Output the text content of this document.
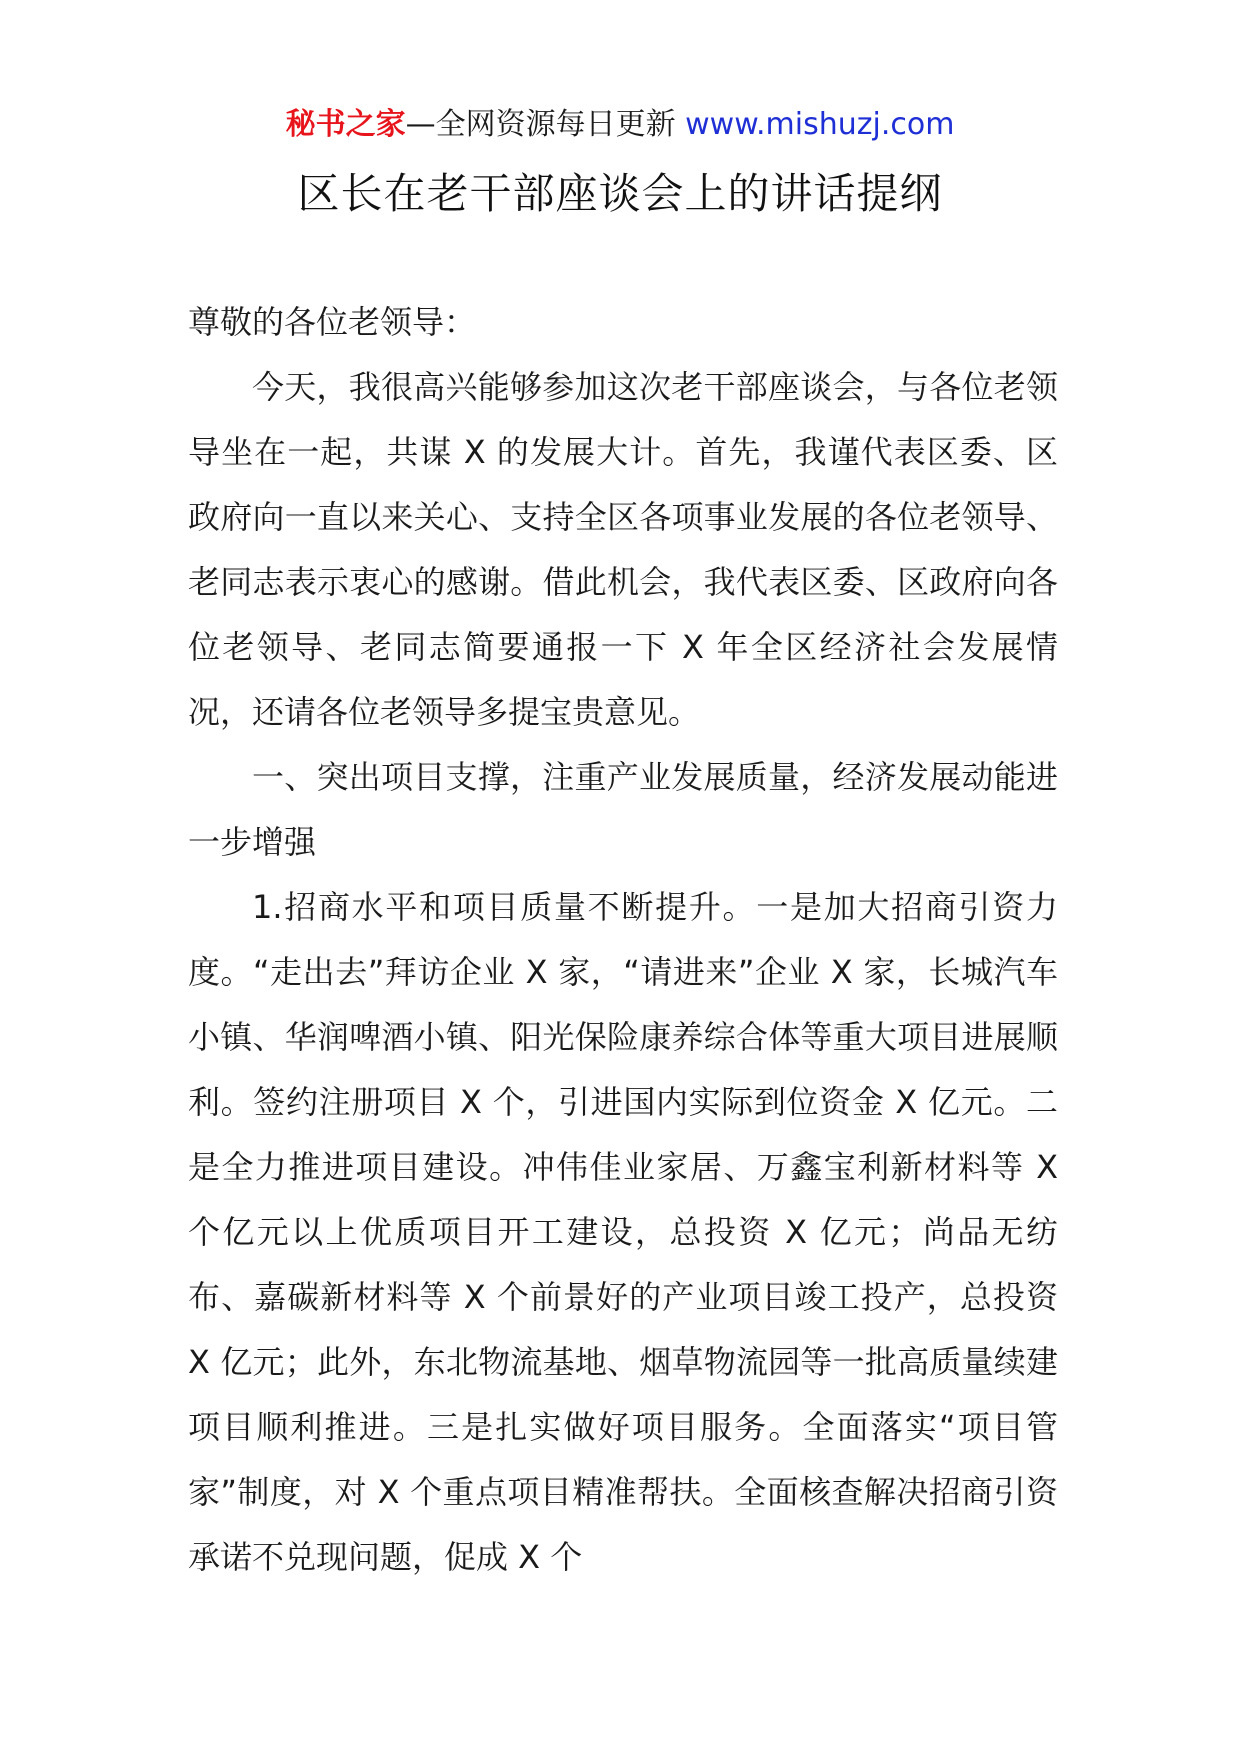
秘书之家—全网资源每日更新 www.mishuzj.com
区长在老干部座谈会上的讲话提纲

尊敬的各位老领导：

今天，我很高兴能够参加这次老干部座谈会，与各位老领导坐在一起，共谋 X 的发展大计。首先，我谨代表区委、区政府向一直以来关心、支持全区各项事业发展的各位老领导、老同志表示衷心的感谢。借此机会，我代表区委、区政府向各位老领导、老同志简要通报一下 X 年全区经济社会发展情况，还请各位老领导多提宝贵意见。

一、突出项目支撑，注重产业发展质量，经济发展动能进一步增强

1.招商水平和项目质量不断提升。一是加大招商引资力度。“走出去”拜访企业 X 家，“请进来”企业 X 家，长城汽车小镇、华润啤酒小镇、阳光保险康养综合体等重大项目进展顺利。签约注册项目 X 个，引进国内实际到位资金 X 亿元。二是全力推进项目建设。冲伟佳业家居、万鑫宝利新材料等 X 个亿元以上优质项目开工建设，总投资 X 亿元；尚品无纺布、嘉碳新材料等 X 个前景好的产业项目竣工投产，总投资 X 亿元；此外，东北物流基地、烟草物流园等一批高质量续建项目顺利推进。三是扎实做好项目服务。全面落实“项目管家”制度，对 X 个重点项目精准帮扶。全面核查解决招商引资承诺不兑现问题，促成 X 个
